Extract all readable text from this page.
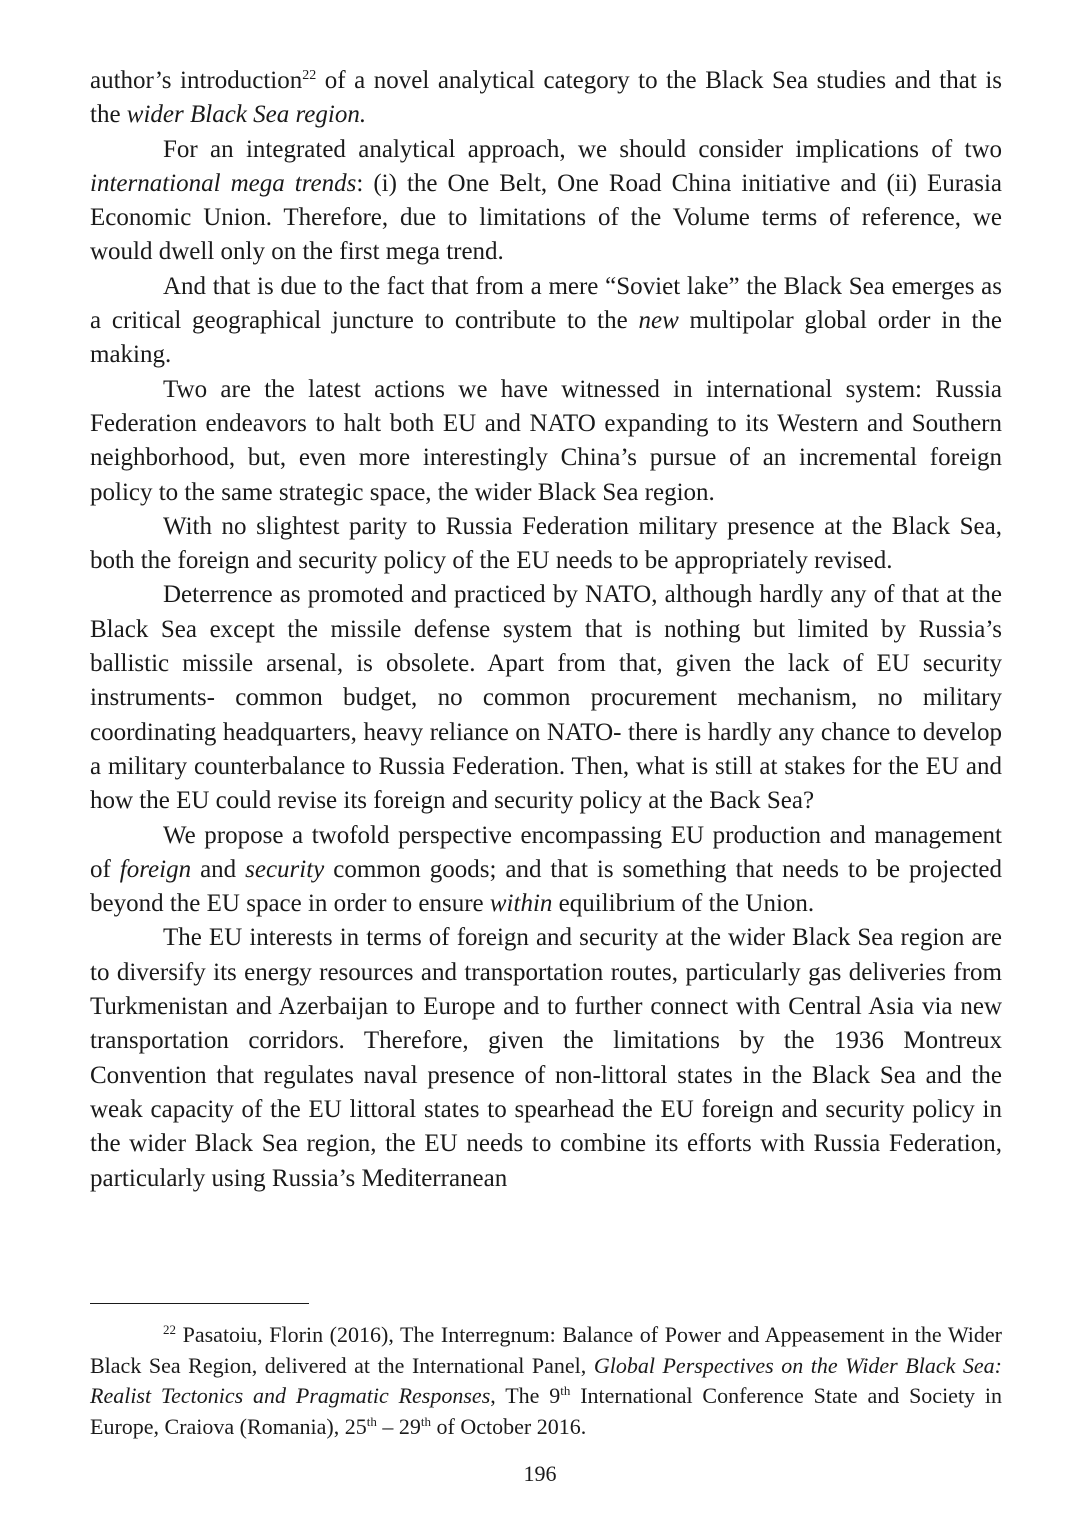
author’s introduction$^{22}$ of a novel analytical category to the Black Sea studies and that is the wider Black Sea region.

For an integrated analytical approach, we should consider implications of two international mega trends: (i) the One Belt, One Road China initiative and (ii) Eurasia Economic Union. Therefore, due to limitations of the Volume terms of reference, we would dwell only on the first mega trend.

And that is due to the fact that from a mere “Soviet lake” the Black Sea emerges as a critical geographical juncture to contribute to the new multipolar global order in the making.

Two are the latest actions we have witnessed in international system: Russia Federation endeavors to halt both EU and NATO expanding to its Western and Southern neighborhood, but, even more interestingly China’s pursue of an incremental foreign policy to the same strategic space, the wider Black Sea region.

With no slightest parity to Russia Federation military presence at the Black Sea, both the foreign and security policy of the EU needs to be appropriately revised.

Deterrence as promoted and practiced by NATO, although hardly any of that at the Black Sea except the missile defense system that is nothing but limited by Russia’s ballistic missile arsenal, is obsolete. Apart from that, given the lack of EU security instruments- common budget, no common procurement mechanism, no military coordinating headquarters, heavy reliance on NATO- there is hardly any chance to develop a military counterbalance to Russia Federation. Then, what is still at stakes for the EU and how the EU could revise its foreign and security policy at the Back Sea?

We propose a twofold perspective encompassing EU production and management of foreign and security common goods; and that is something that needs to be projected beyond the EU space in order to ensure within equilibrium of the Union.

The EU interests in terms of foreign and security at the wider Black Sea region are to diversify its energy resources and transportation routes, particularly gas deliveries from Turkmenistan and Azerbaijan to Europe and to further connect with Central Asia via new transportation corridors. Therefore, given the limitations by the 1936 Montreux Convention that regulates naval presence of non-littoral states in the Black Sea and the weak capacity of the EU littoral states to spearhead the EU foreign and security policy in the wider Black Sea region, the EU needs to combine its efforts with Russia Federation, particularly using Russia’s Mediterranean

$^{22}$ Pasatoiu, Florin (2016), The Interregnum: Balance of Power and Appeasement in the Wider Black Sea Region, delivered at the International Panel, Global Perspectives on the Wider Black Sea: Realist Tectonics and Pragmatic Responses, The 9th International Conference State and Society in Europe, Craiova (Romania), 25th – 29th of October 2016.

196
